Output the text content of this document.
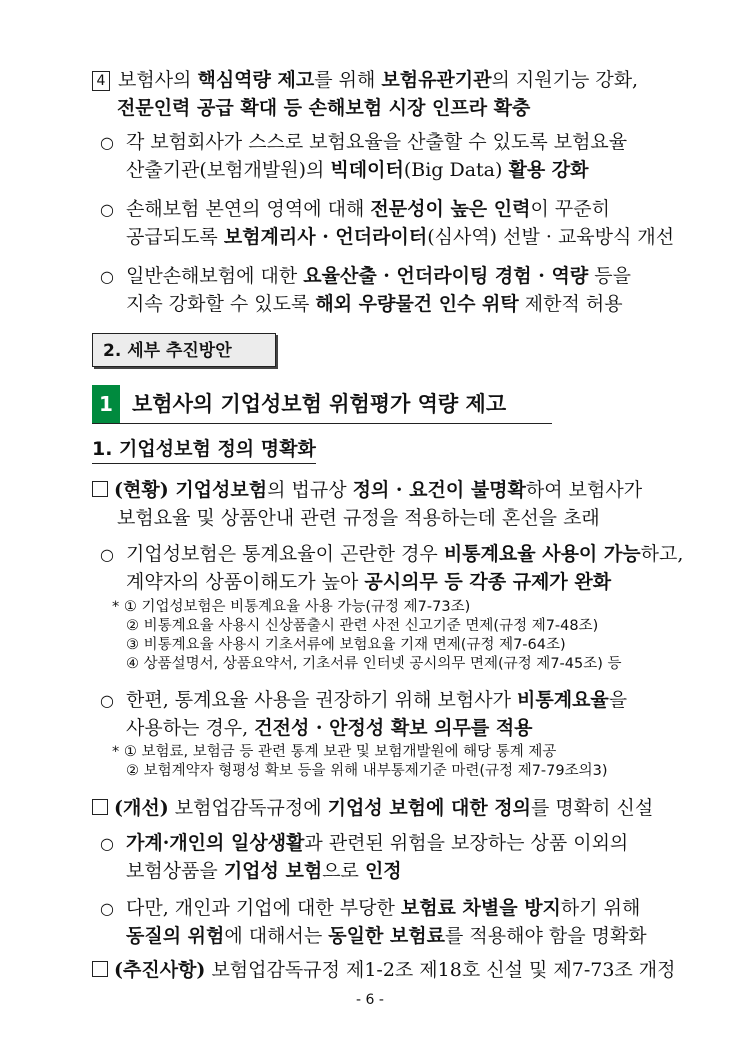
4 보험사의 핵심역량 제고를 위해 보험유관기관의 지원기능 강화,
전문인력 공급 확대 등 손해보험 시장 인프라 확충
○ 각 보험회사가 스스로 보험요율을 산출할 수 있도록 보험요율
산출기관(보험개발원)의 빅데이터(Big Data) 활용 강화
○ 손해보험 본연의 영역에 대해 전문성이 높은 인력이 꾸준히
공급되도록 보험계리사 · 언더라이터(심사역) 선발 · 교육방식 개선
○ 일반손해보험에 대한 요율산출 · 언더라이팅 경험 · 역량 등을
지속 강화할 수 있도록 해외 우량물건 인수 위탁 제한적 허용
2. 세부 추진방안
1 보험사의 기업성보험 위험평가 역량 제고
1. 기업성보험 정의 명확화
(현황) 기업성보험의 법규상 정의 · 요건이 불명확하여 보험사가
보험요율 및 상품안내 관련 규정을 적용하는데 혼선을 초래
○ 기업성보험은 통계요율이 곤란한 경우 비통계요율 사용이 가능하고,
계약자의 상품이해도가 높아 공시의무 등 각종 규제가 완화
* ① 기업성보험은 비통계요율 사용 가능(규정 제7-73조)
② 비통계요율 사용시 신상품출시 관련 사전 신고기준 면제(규정 제7-48조)
③ 비통계요율 사용시 기초서류에 보험요율 기재 면제(규정 제7-64조)
④ 상품설명서, 상품요약서, 기초서류 인터넷 공시의무 면제(규정 제7-45조) 등
○ 한편, 통계요율 사용을 권장하기 위해 보험사가 비통계요율을
사용하는 경우, 건전성 · 안정성 확보 의무를 적용
* ① 보험료, 보험금 등 관련 통계 보관 및 보험개발원에 해당 통계 제공
② 보험계약자 형평성 확보 등을 위해 내부통제기준 마련(규정 제7-79조의3)
(개선) 보험업감독규정에 기업성 보험에 대한 정의를 명확히 신설
○ 가계·개인의 일상생활과 관련된 위험을 보장하는 상품 이외의
보험상품을 기업성 보험으로 인정
○ 다만, 개인과 기업에 대한 부당한 보험료 차별을 방지하기 위해
동질의 위험에 대해서는 동일한 보험료를 적용해야 함을 명확화
(추진사항) 보험업감독규정 제1-2조 제18호 신설 및 제7-73조 개정
- 6 -
